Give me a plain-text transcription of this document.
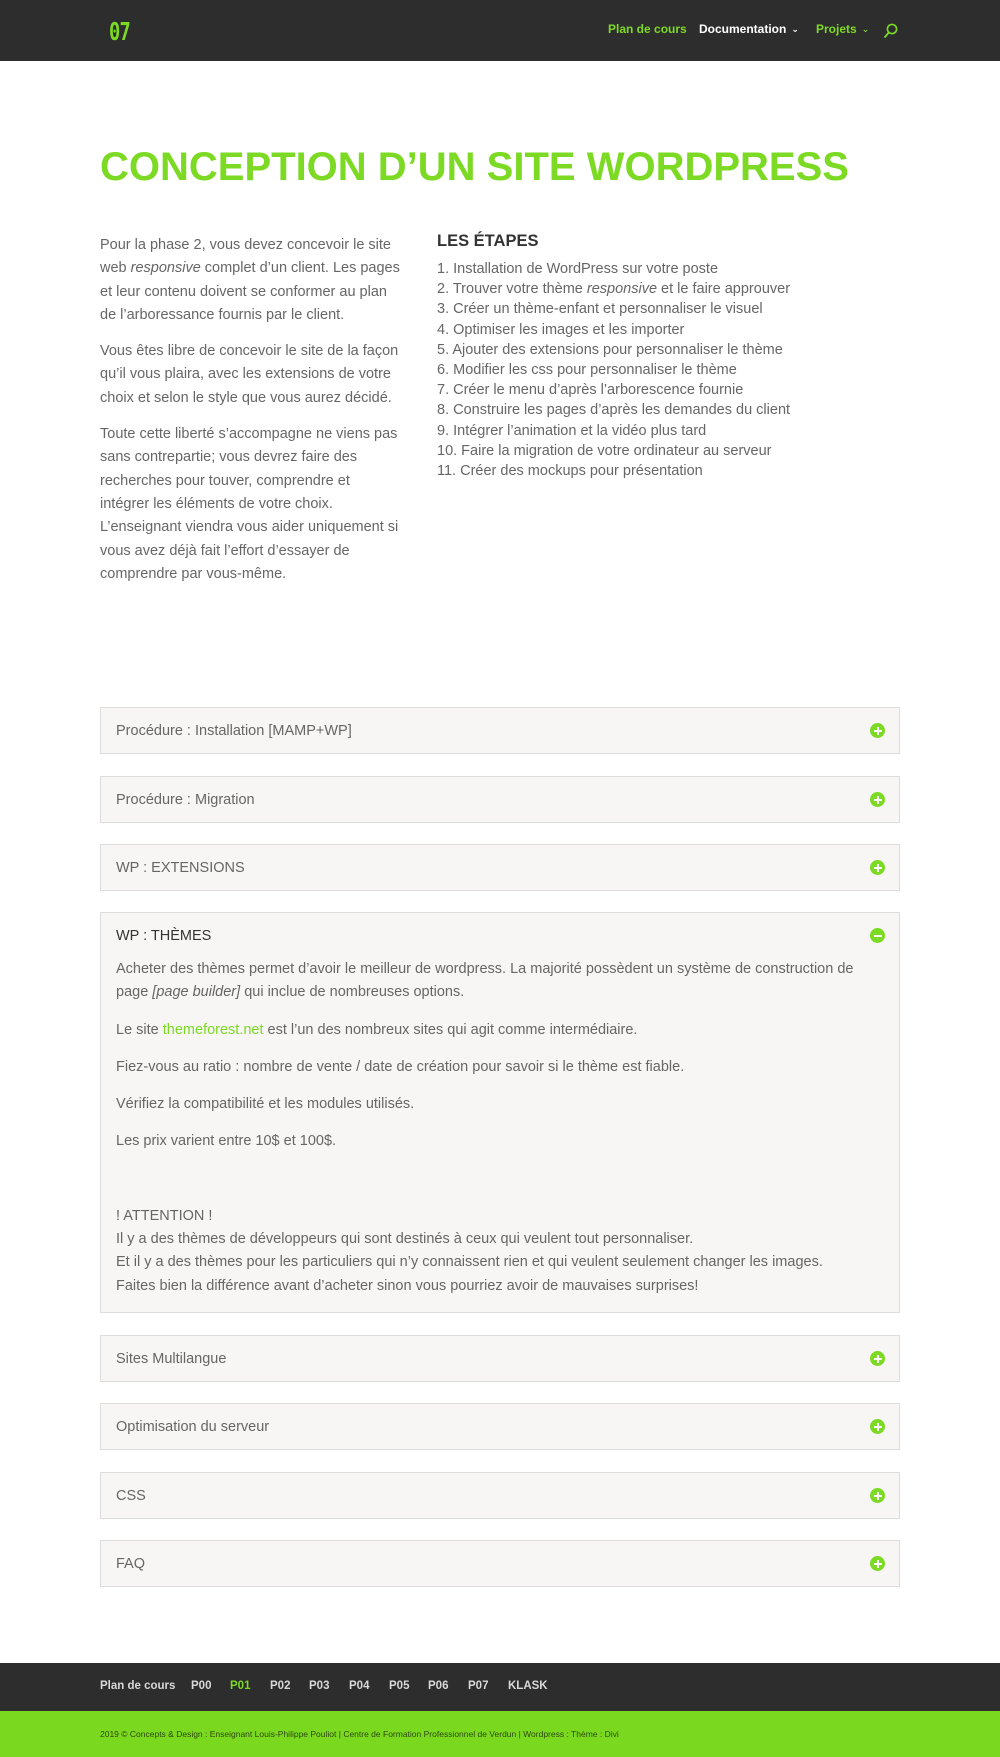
07	Plan de cours Documentation ⌄ Projets ⌄
CONCEPTION D’UN SITE WORDPRESS

Pour la phase 2, vous devez concevoir le site web responsive complet d’un client. Les pages et leur contenu doivent se conformer au plan de l’arboressance fournis par le client.

Vous êtes libre de concevoir le site de la façon qu’il vous plaira, avec les extensions de votre choix et selon le style que vous aurez décidé.

Toute cette liberté s’accompagne ne viens pas sans contrepartie; vous devrez faire des recherches pour touver, comprendre et intégrer les éléments de votre choix. L’enseignant viendra vous aider uniquement si vous avez déjà fait l’effort d’essayer de comprendre par vous-même.

LES ÉTAPES
1. Installation de WordPress sur votre poste
2. Trouver votre thème responsive et le faire approuver
3. Créer un thème-enfant et personnaliser le visuel
4. Optimiser les images et les importer
5. Ajouter des extensions pour personnaliser le thème
6. Modifier les css pour personnaliser le thème
7. Créer le menu d’après l’arborescence fournie
8. Construire les pages d’après les demandes du client
9. Intégrer l’animation et la vidéo plus tard
10. Faire la migration de votre ordinateur au serveur
11. Créer des mockups pour présentation
Procédure : Installation [MAMP+WP]
Procédure : Migration
WP : EXTENSIONS
WP : THÈMES

Acheter des thèmes permet d’avoir le meilleur de wordpress. La majorité possèdent un système de construction de page [page builder] qui inclue de nombreuses options.

Le site themeforest.net est l’un des nombreux sites qui agit comme intermédiaire.

Fiez-vous au ratio : nombre de vente / date de création pour savoir si le thème est fiable.

Vérifiez la compatibilité et les modules utilisés.

Les prix varient entre 10$ et 100$.

! ATTENTION !

Il y a des thèmes de développeurs qui sont destinés à ceux qui veulent tout personnaliser.

Et il y a des thèmes pour les particuliers qui n’y connaissent rien et qui veulent seulement changer les images.

Faites bien la différence avant d’acheter sinon vous pourriez avoir de mauvaises surprises!

Sites Multilangue
Optimisation du serveur
CSS
FAQ
Plan de cours P00 P01 P02 P03 P04 P05 P06 P07 KLASK
2019 © Concepts & Design : Enseignant Louis-Philippe Pouliot | Centre de Formation Professionnel de Verdun | Wordpress : Thème : Divi
